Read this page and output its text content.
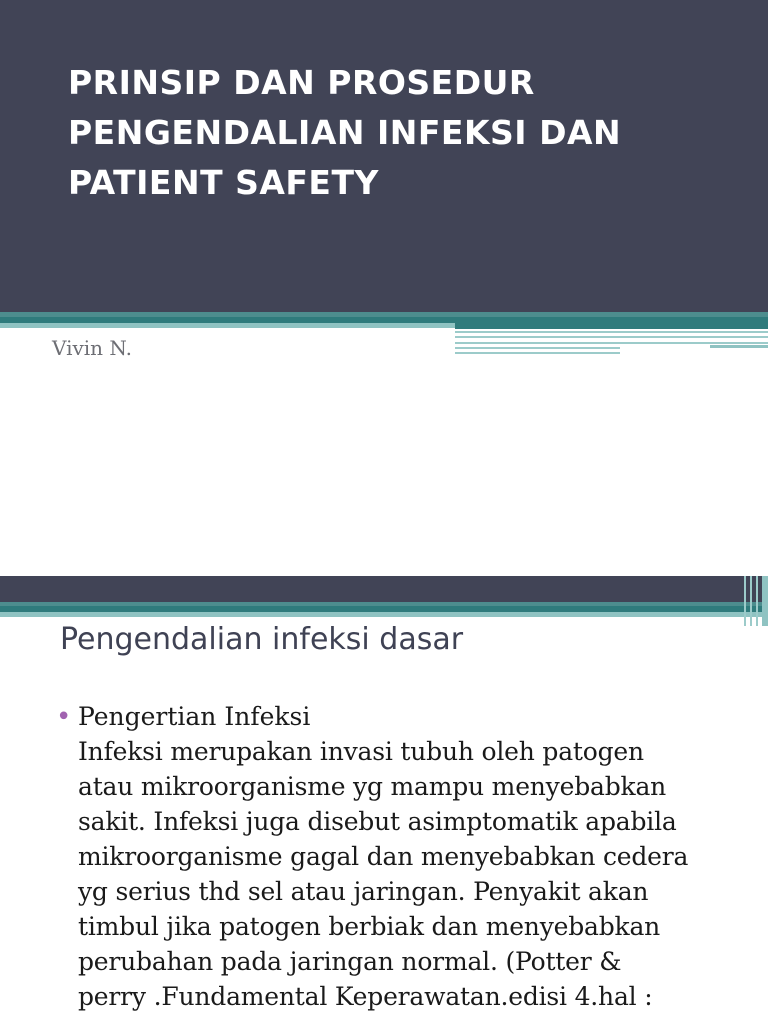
PRINSIP DAN PROSEDUR
PENGENDALIAN INFEKSI DAN
PATIENT SAFETY

Vivin N.

Pengendalian infeksi dasar
• Pengertian Infeksi
Infeksi merupakan invasi tubuh oleh patogen
atau mikroorganisme yg mampu menyebabkan
sakit. Infeksi juga disebut asimptomatik apabila
mikroorganisme gagal dan menyebabkan cedera
yg serius thd sel atau jaringan. Penyakit akan
timbul jika patogen berbiak dan menyebabkan
perubahan pada jaringan normal. (Potter &
perry .Fundamental Keperawatan.edisi 4.hal :
